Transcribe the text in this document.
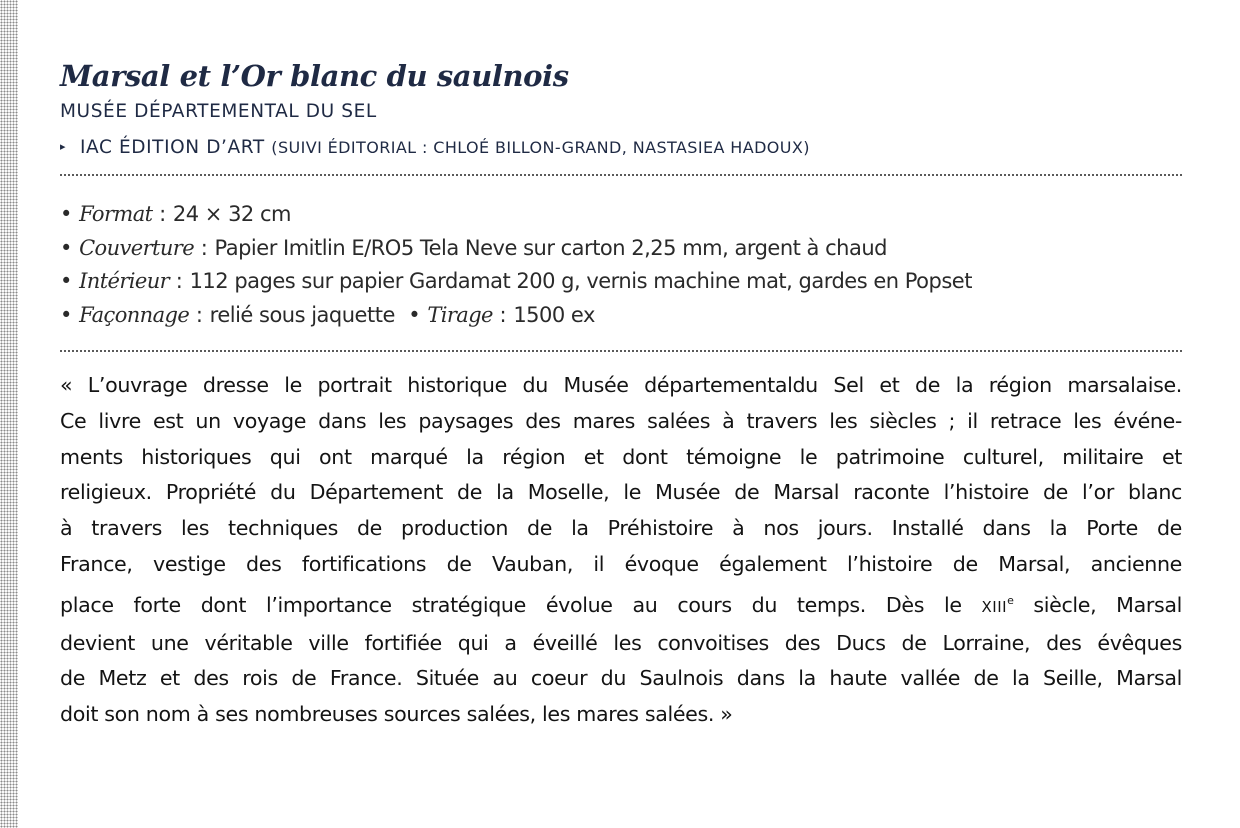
Marsal et l’Or blanc du saulnois
MUSÉE DÉPARTEMENTAL DU SEL
▸ IAC ÉDITION D’ART (SUIVI ÉDITORIAL : CHLOÉ BILLON-GRAND, NASTASIEA HADOUX)
• Format : 24 × 32 cm
• Couverture : Papier Imitlin E/RO5 Tela Neve sur carton 2,25 mm, argent à chaud
• Intérieur : 112 pages sur papier Gardamat 200 g, vernis machine mat, gardes en Popset
• Façonnage : relié sous jaquette • Tirage : 1500 ex
« L’ouvrage dresse le portrait historique du Musée départementaldu Sel et de la région marsalaise.
Ce livre est un voyage dans les paysages des mares salées à travers les siècles ; il retrace les événe-
ments historiques qui ont marqué la région et dont témoigne le patrimoine culturel, militaire et
religieux. Propriété du Département de la Moselle, le Musée de Marsal raconte l’histoire de l’or blanc
à travers les techniques de production de la Préhistoire à nos jours. Installé dans la Porte de
France, vestige des fortifications de Vauban, il évoque également l’histoire de Marsal, ancienne
place forte dont l’importance stratégique évolue au cours du temps. Dès le XIIIe siècle, Marsal
devient une véritable ville fortifiée qui a éveillé les convoitises des Ducs de Lorraine, des évêques
de Metz et des rois de France. Située au coeur du Saulnois dans la haute vallée de la Seille, Marsal
doit son nom à ses nombreuses sources salées, les mares salées. »
